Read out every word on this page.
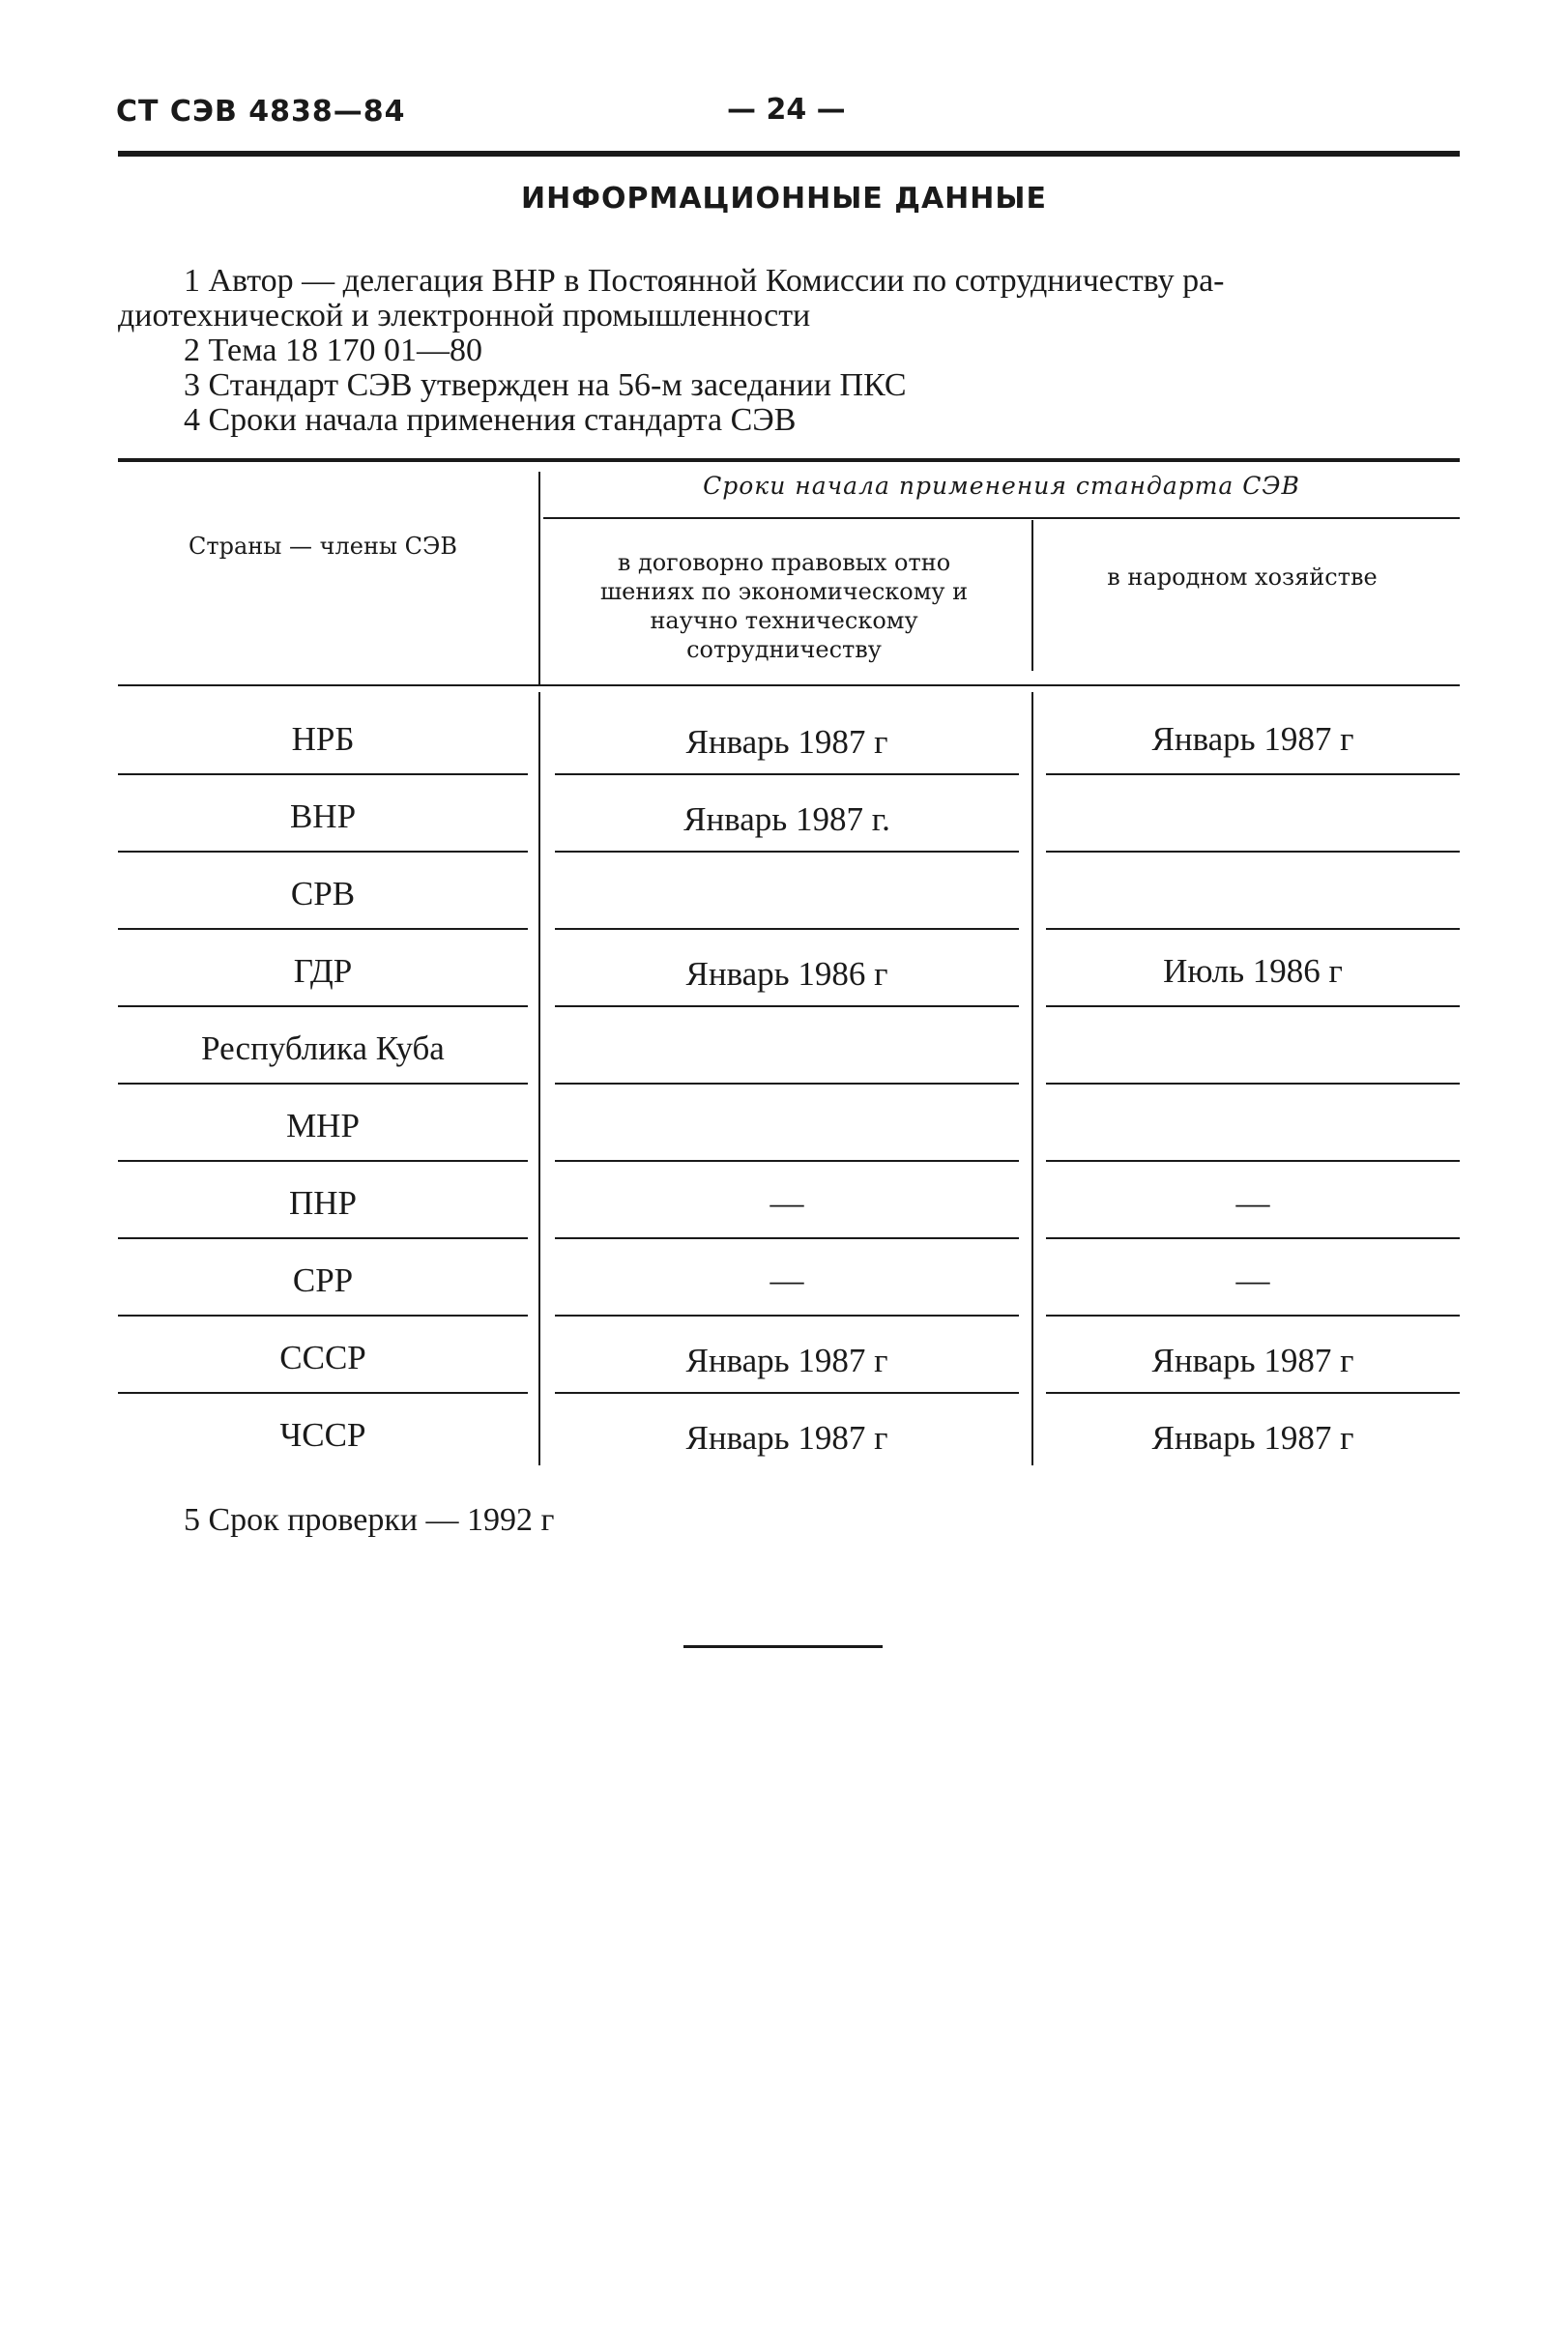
СТ СЭВ 4838—84	— 24 —
ИНФОРМАЦИОННЫЕ ДАННЫЕ
1 Автор — делегация ВНР в Постоянной Комиссии по сотрудничеству ра-
диотехнической и электронной промышленности
2 Тема 18 170 01—80
3 Стандарт СЭВ утвержден на 56-м заседании ПКС
4 Сроки начала применения стандарта СЭВ
Сроки начала применения стандарта СЭВ
Страны — члены СЭВ
в договорно правовых отно шениях по экономическому и научно техническому сотрудничеству
в народном хозяйстве
НРБ	Январь 1987 г	Январь 1987 г
ВНР	Январь 1987 г.
СРВ
ГДР	Январь 1986 г	Июль 1986 г
Республика Куба
МНР
ПНР	—	—
СРР	—	—
СССР	Январь 1987 г	Январь 1987 г
ЧССР	Январь 1987 г	Январь 1987 г
5 Срок проверки — 1992 г
